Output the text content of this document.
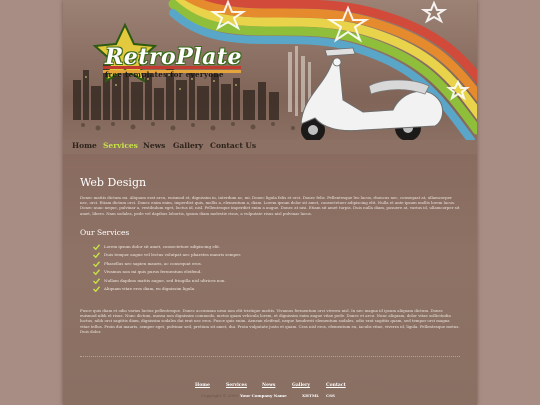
RetroPlate
free templates for everyone
Home Services News Gallery Contact Us
Web Design
Donec mattis dictum mi. Aliquam erat arcu, euismod et, dignissim in, interdum ac, mi. Donec ligula felis et orci. Donec felis. Pellentesque leo lacus, rhoncus nec, consequat at, ullamcorper nec, orci. Etiam dictum orci. Donec enim enim, imperdiet quis, mollis a, elementum a, diam. Lorem ipsum dolor sit amet, consectetuer adipiscing elit. Nulla et ante ipsum mollis lorem lacus. Donec nunc neque, pulvinar a, vestibulum eget, luctus id, nisl. Pellentesque imperdiet enim a augue. Donec at nisi. Etiam sit amet turpis. Duis nulla diam, posuere at, varius id, ullamcorper sit amet, libero. Nam sodales, pede vel dapibus lobortis, ipsum diam molestie risus, a vulputate risus nisl pulvinar lacus.
Our Services
Lorem ipsum dolor sit amet, consectetuer adipiscing elit.
Duis tempor augue vel lectus volutpat nec pharetra mauris semper.
Phasellus nec sapien mauris, ac consequat eros.
Vivamus non mi quis purus fermentum eleifend.
Nullam dapibus mattis augue, sed fringilla nisl ultrices non.
Aliquam vitae eros diam, eu dignissim ligula.
Fusce quis diam et odio varius luctus pellentesque. Donec accumsan urna non elit tristique mattis. Vivamus fermentum orci viverra nisl. In nec magna id ipsum aliquam dictum. Donec euismod nibh et risus. Nunc dictum, massa non dignissim commodo, metus quam vehicula lorem, et dignissim enim augue vitae pede. Donec et arcu. Nunc aliquam, dolor vitae sollicitudin luctus, nibh orci sagittis diam, dignissim sodales dui erat nec eros. Fusce quis enim. Aenean eleifend, neque hendrerit elementum sodales, odio erat sagittis quam, sed tempor orci magna vitae tellus. Proin dui mauris, semper eget, pulvinar sed, pretium sit amet, dui. Proin vulputate justo et quam. Cras nisl eros, elementum eu, iaculis vitae, viverra id, ligula. Pellentesque metus. Duis dolor.
Home	Services	News	Gallery	Contact
Copyright © 2009 Your Company Name	XHTML CSS
